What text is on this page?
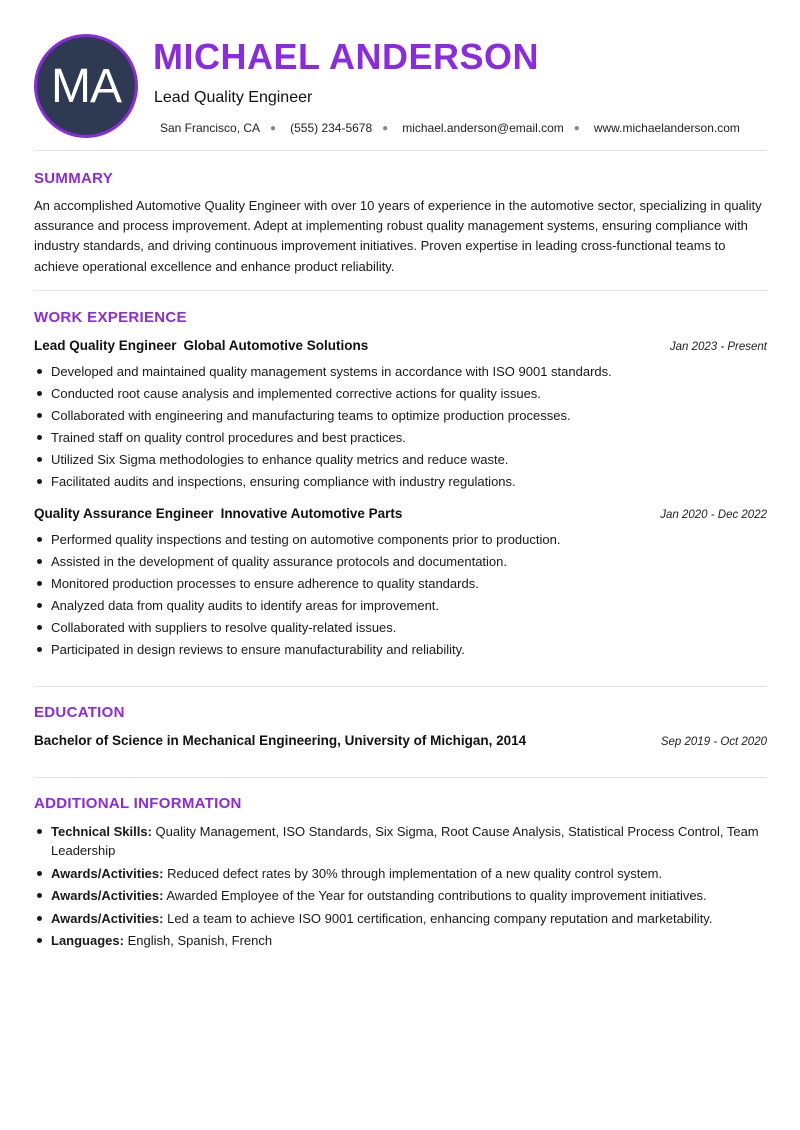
MA
MICHAEL ANDERSON
Lead Quality Engineer
San Francisco, CA ● (555) 234-5678 ● michael.anderson@email.com ● www.michaelanderson.com
SUMMARY

An accomplished Automotive Quality Engineer with over 10 years of experience in the automotive sector, specializing in quality assurance and process improvement. Adept at implementing robust quality management systems, ensuring compliance with industry standards, and driving continuous improvement initiatives. Proven expertise in leading cross-functional teams to achieve operational excellence and enhance product reliability.

WORK EXPERIENCE
Lead Quality Engineer Global Automotive Solutions	Jan 2023 - Present
Developed and maintained quality management systems in accordance with ISO 9001 standards.
Conducted root cause analysis and implemented corrective actions for quality issues.
Collaborated with engineering and manufacturing teams to optimize production processes.
Trained staff on quality control procedures and best practices.
Utilized Six Sigma methodologies to enhance quality metrics and reduce waste.
Facilitated audits and inspections, ensuring compliance with industry regulations.
Quality Assurance Engineer Innovative Automotive Parts	Jan 2020 - Dec 2022
Performed quality inspections and testing on automotive components prior to production.
Assisted in the development of quality assurance protocols and documentation.
Monitored production processes to ensure adherence to quality standards.
Analyzed data from quality audits to identify areas for improvement.
Collaborated with suppliers to resolve quality-related issues.
Participated in design reviews to ensure manufacturability and reliability.
EDUCATION
Bachelor of Science in Mechanical Engineering, University of Michigan, 2014	Sep 2019 - Oct 2020
ADDITIONAL INFORMATION
Technical Skills: Quality Management, ISO Standards, Six Sigma, Root Cause Analysis, Statistical Process Control, Team Leadership
Awards/Activities: Reduced defect rates by 30% through implementation of a new quality control system.
Awards/Activities: Awarded Employee of the Year for outstanding contributions to quality improvement initiatives.
Awards/Activities: Led a team to achieve ISO 9001 certification, enhancing company reputation and marketability.
Languages: English, Spanish, French
